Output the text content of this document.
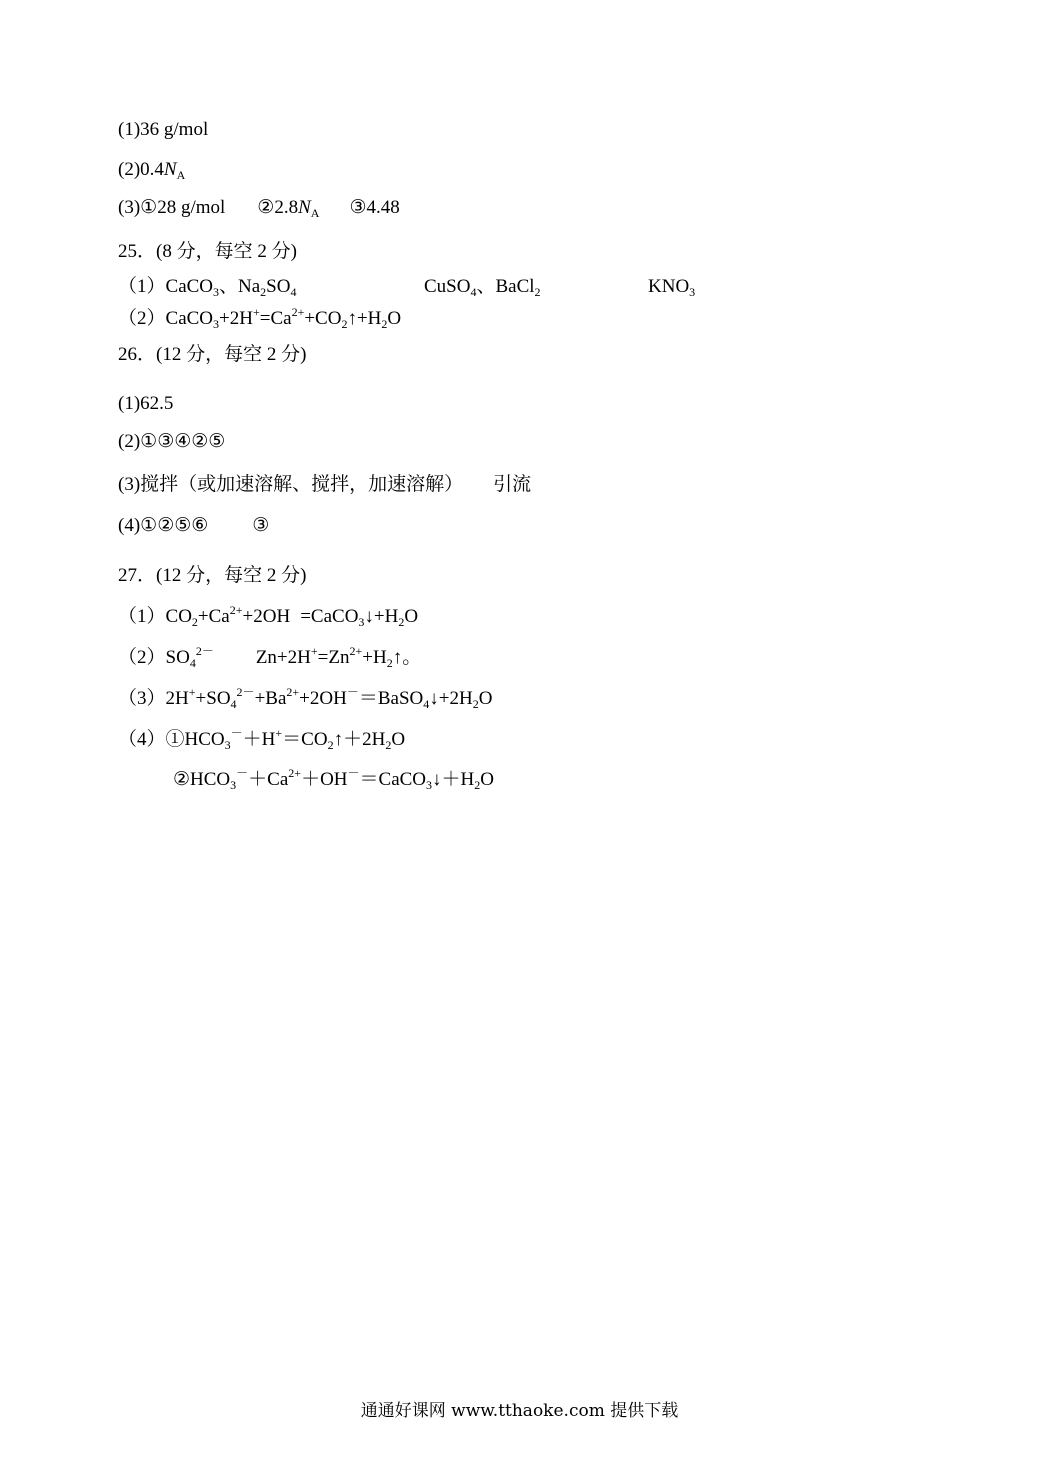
(1)36 g/mol
$(2)0.4N_A$
(3)①28 g/mol $②2.8N_A$ ③4.48
25．(8 分，每空 2 分)
（1）CaCO$_3$、$Na_2SO_4$	CuSO$_4$、BaCl$_2$	$KNO_3$
$(2)CaCO_3+2H^+=Ca^{2+}+CO_2↑+H_2O$
26．(12 分，每空 2 分)
(1)62.5
(2)①③④②⑤
(3)搅拌（或加速溶解、搅拌，加速溶解） 引流
(4)①②⑤⑥ ③
27．(12 分，每空 2 分)
$(1)CO_2+Ca^{2+}+2OH$ $=CaCO_3↓+H_2O$
$(2)SO_4^{2-}$ $Zn+2H^+=Zn^{2+}+H_2↑$。
$(3)2H^++SO_4^{2-}+Ba^{2+}+2OH^-=BaSO_4↓+2H_2O$
$(4)①HCO_3^-+H^+=CO_2↑+2H_2O$
$②HCO_3^-+Ca^{2+}+OH^-=CaCO_3↓+H_2O$
通通好课网 www.tthaoke.com 提供下载
